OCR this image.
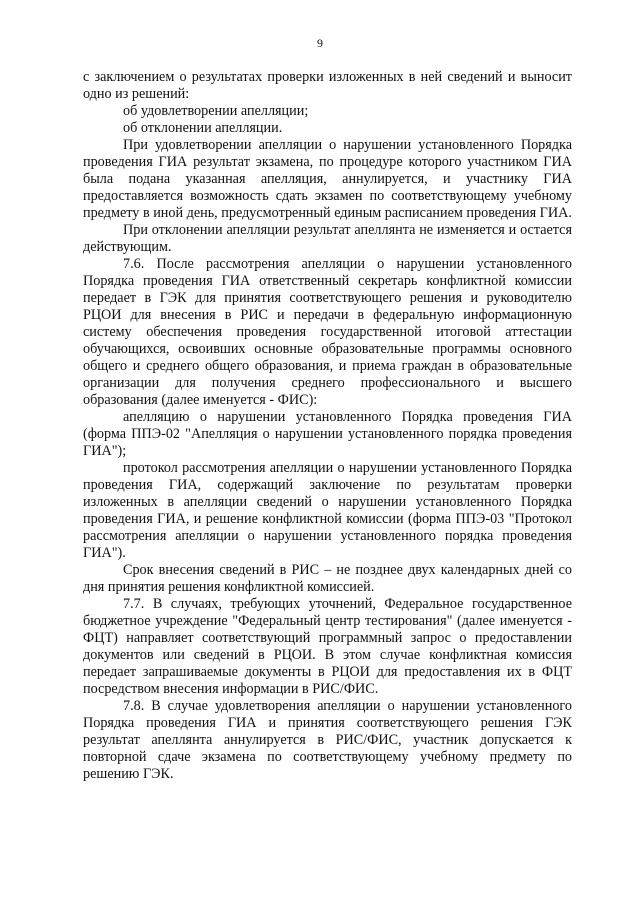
9

с заключением о результатах проверки изложенных в ней сведений и выносит одно из решений:

об удовлетворении апелляции;

об отклонении апелляции.

При удовлетворении апелляции о нарушении установленного Порядка проведения ГИА результат экзамена, по процедуре которого участником ГИА была подана указанная апелляция, аннулируется, и участнику ГИА предоставляется возможность сдать экзамен по соответствующему учебному предмету в иной день, предусмотренный единым расписанием проведения ГИА.

При отклонении апелляции результат апеллянта не изменяется и остается действующим.

7.6. После рассмотрения апелляции о нарушении установленного Порядка проведения ГИА ответственный секретарь конфликтной комиссии передает в ГЭК для принятия соответствующего решения и руководителю РЦОИ для внесения в РИС и передачи в федеральную информационную систему обеспечения проведения государственной итоговой аттестации обучающихся, освоивших основные образовательные программы основного общего и среднего общего образования, и приема граждан в образовательные организации для получения среднего профессионального и высшего образования (далее именуется - ФИС):

апелляцию о нарушении установленного Порядка проведения ГИА (форма ППЭ-02 "Апелляция о нарушении установленного порядка проведения ГИА");

протокол рассмотрения апелляции о нарушении установленного Порядка проведения ГИА, содержащий заключение по результатам проверки изложенных в апелляции сведений о нарушении установленного Порядка проведения ГИА, и решение конфликтной комиссии (форма ППЭ-03 "Протокол рассмотрения апелляции о нарушении установленного порядка проведения ГИА").

Срок внесения сведений в РИС – не позднее двух календарных дней со дня принятия решения конфликтной комиссией.

7.7. В случаях, требующих уточнений, Федеральное государственное бюджетное учреждение "Федеральный центр тестирования" (далее именуется - ФЦТ) направляет соответствующий программный запрос о предоставлении документов или сведений в РЦОИ. В этом случае конфликтная комиссия передает запрашиваемые документы в РЦОИ для предоставления их в ФЦТ посредством внесения информации в РИС/ФИС.

7.8. В случае удовлетворения апелляции о нарушении установленного Порядка проведения ГИА и принятия соответствующего решения ГЭК результат апеллянта аннулируется в РИС/ФИС, участник допускается к повторной сдаче экзамена по соответствующему учебному предмету по решению ГЭК.
